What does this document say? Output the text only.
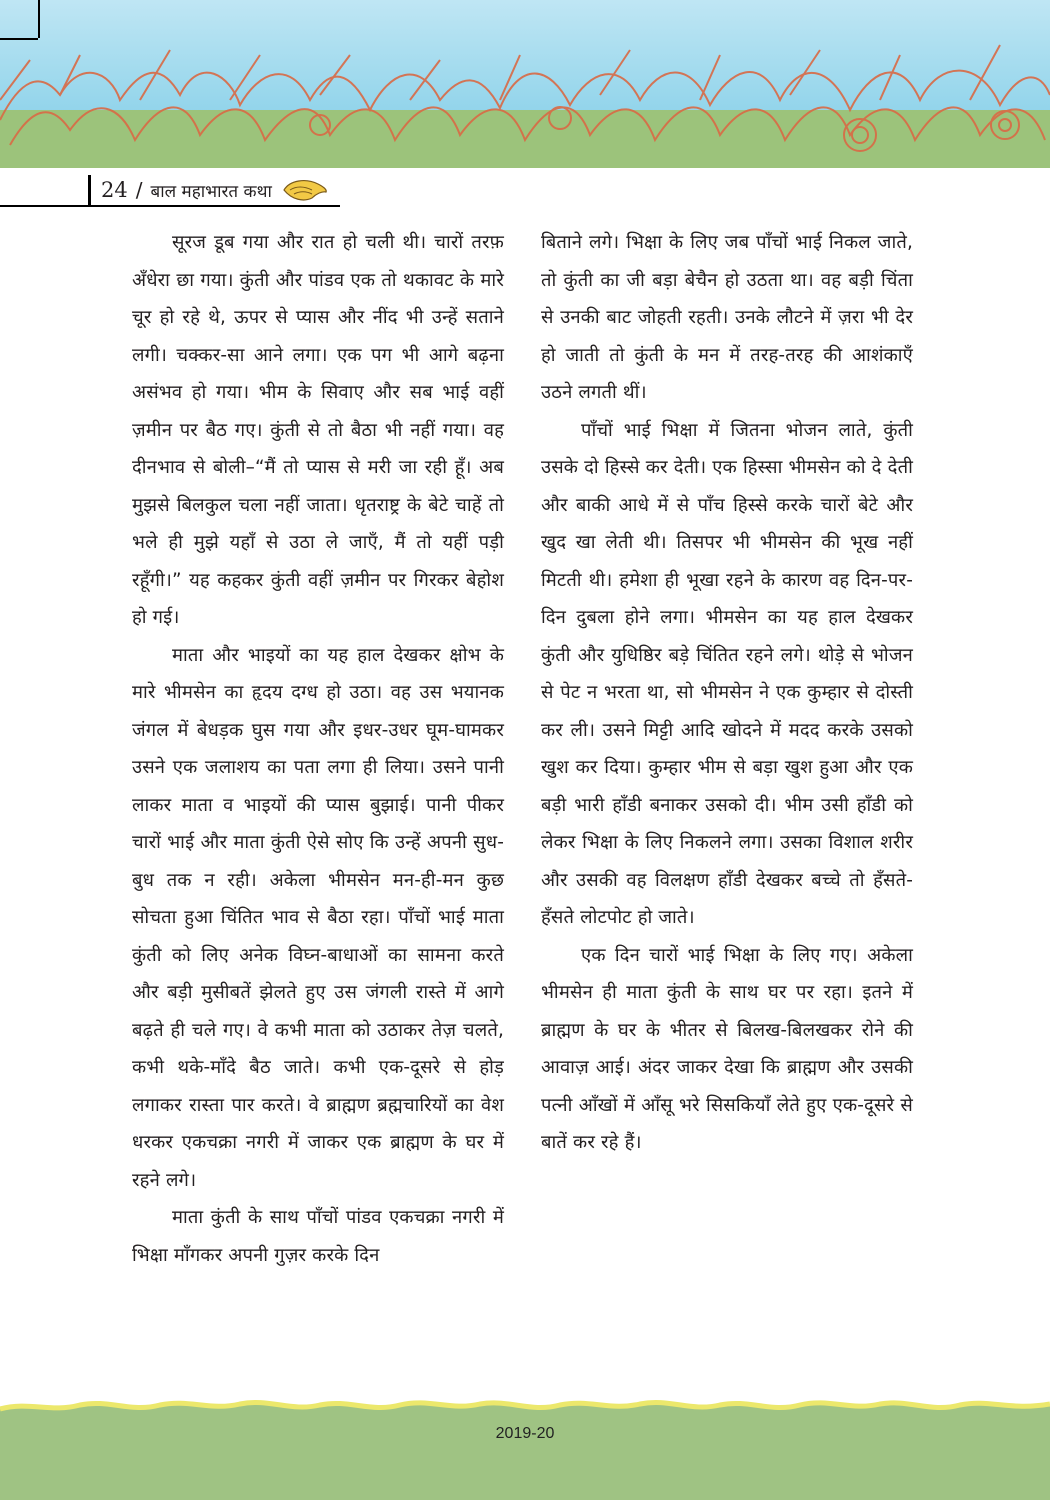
24 / बाल महाभारत कथा

सूरज डूब गया और रात हो चली थी। चारों तरफ़ अँधेरा छा गया। कुंती और पांडव एक तो थकावट के मारे चूर हो रहे थे, ऊपर से प्यास और नींद भी उन्हें सताने लगी। चक्कर-सा आने लगा। एक पग भी आगे बढ़ना असंभव हो गया। भीम के सिवाए और सब भाई वहीं ज़मीन पर बैठ गए। कुंती से तो बैठा भी नहीं गया। वह दीनभाव से बोली–“मैं तो प्यास से मरी जा रही हूँ। अब मुझसे बिलकुल चला नहीं जाता। धृतराष्ट्र के बेटे चाहें तो भले ही मुझे यहाँ से उठा ले जाएँ, मैं तो यहीं पड़ी रहूँगी।” यह कहकर कुंती वहीं ज़मीन पर गिरकर बेहोश हो गई।

माता और भाइयों का यह हाल देखकर क्षोभ के मारे भीमसेन का हृदय दग्ध हो उठा। वह उस भयानक जंगल में बेधड़क घुस गया और इधर-उधर घूम-घामकर उसने एक जलाशय का पता लगा ही लिया। उसने पानी लाकर माता व भाइयों की प्यास बुझाई। पानी पीकर चारों भाई और माता कुंती ऐसे सोए कि उन्हें अपनी सुध-बुध तक न रही। अकेला भीमसेन मन-ही-मन कुछ सोचता हुआ चिंतित भाव से बैठा रहा। पाँचों भाई माता कुंती को लिए अनेक विघ्न-बाधाओं का सामना करते और बड़ी मुसीबतें झेलते हुए उस जंगली रास्ते में आगे बढ़ते ही चले गए। वे कभी माता को उठाकर तेज़ चलते, कभी थके-माँदे बैठ जाते। कभी एक-दूसरे से होड़ लगाकर रास्ता पार करते। वे ब्राह्मण ब्रह्मचारियों का वेश धरकर एकचक्रा नगरी में जाकर एक ब्राह्मण के घर में रहने लगे।

माता कुंती के साथ पाँचों पांडव एकचक्रा नगरी में भिक्षा माँगकर अपनी गुज़र करके दिन

बिताने लगे। भिक्षा के लिए जब पाँचों भाई निकल जाते, तो कुंती का जी बड़ा बेचैन हो उठता था। वह बड़ी चिंता से उनकी बाट जोहती रहती। उनके लौटने में ज़रा भी देर हो जाती तो कुंती के मन में तरह-तरह की आशंकाएँ उठने लगती थीं।

पाँचों भाई भिक्षा में जितना भोजन लाते, कुंती उसके दो हिस्से कर देती। एक हिस्सा भीमसेन को दे देती और बाकी आधे में से पाँच हिस्से करके चारों बेटे और खुद खा लेती थी। तिसपर भी भीमसेन की भूख नहीं मिटती थी। हमेशा ही भूखा रहने के कारण वह दिन-पर-दिन दुबला होने लगा। भीमसेन का यह हाल देखकर कुंती और युधिष्ठिर बड़े चिंतित रहने लगे। थोड़े से भोजन से पेट न भरता था, सो भीमसेन ने एक कुम्हार से दोस्ती कर ली। उसने मिट्टी आदि खोदने में मदद करके उसको खुश कर दिया। कुम्हार भीम से बड़ा खुश हुआ और एक बड़ी भारी हाँडी बनाकर उसको दी। भीम उसी हाँडी को लेकर भिक्षा के लिए निकलने लगा। उसका विशाल शरीर और उसकी वह विलक्षण हाँडी देखकर बच्चे तो हँसते-हँसते लोटपोट हो जाते।

एक दिन चारों भाई भिक्षा के लिए गए। अकेला भीमसेन ही माता कुंती के साथ घर पर रहा। इतने में ब्राह्मण के घर के भीतर से बिलख-बिलखकर रोने की आवाज़ आई। अंदर जाकर देखा कि ब्राह्मण और उसकी पत्नी आँखों में आँसू भरे सिसकियाँ लेते हुए एक-दूसरे से बातें कर रहे हैं।

2019-20
